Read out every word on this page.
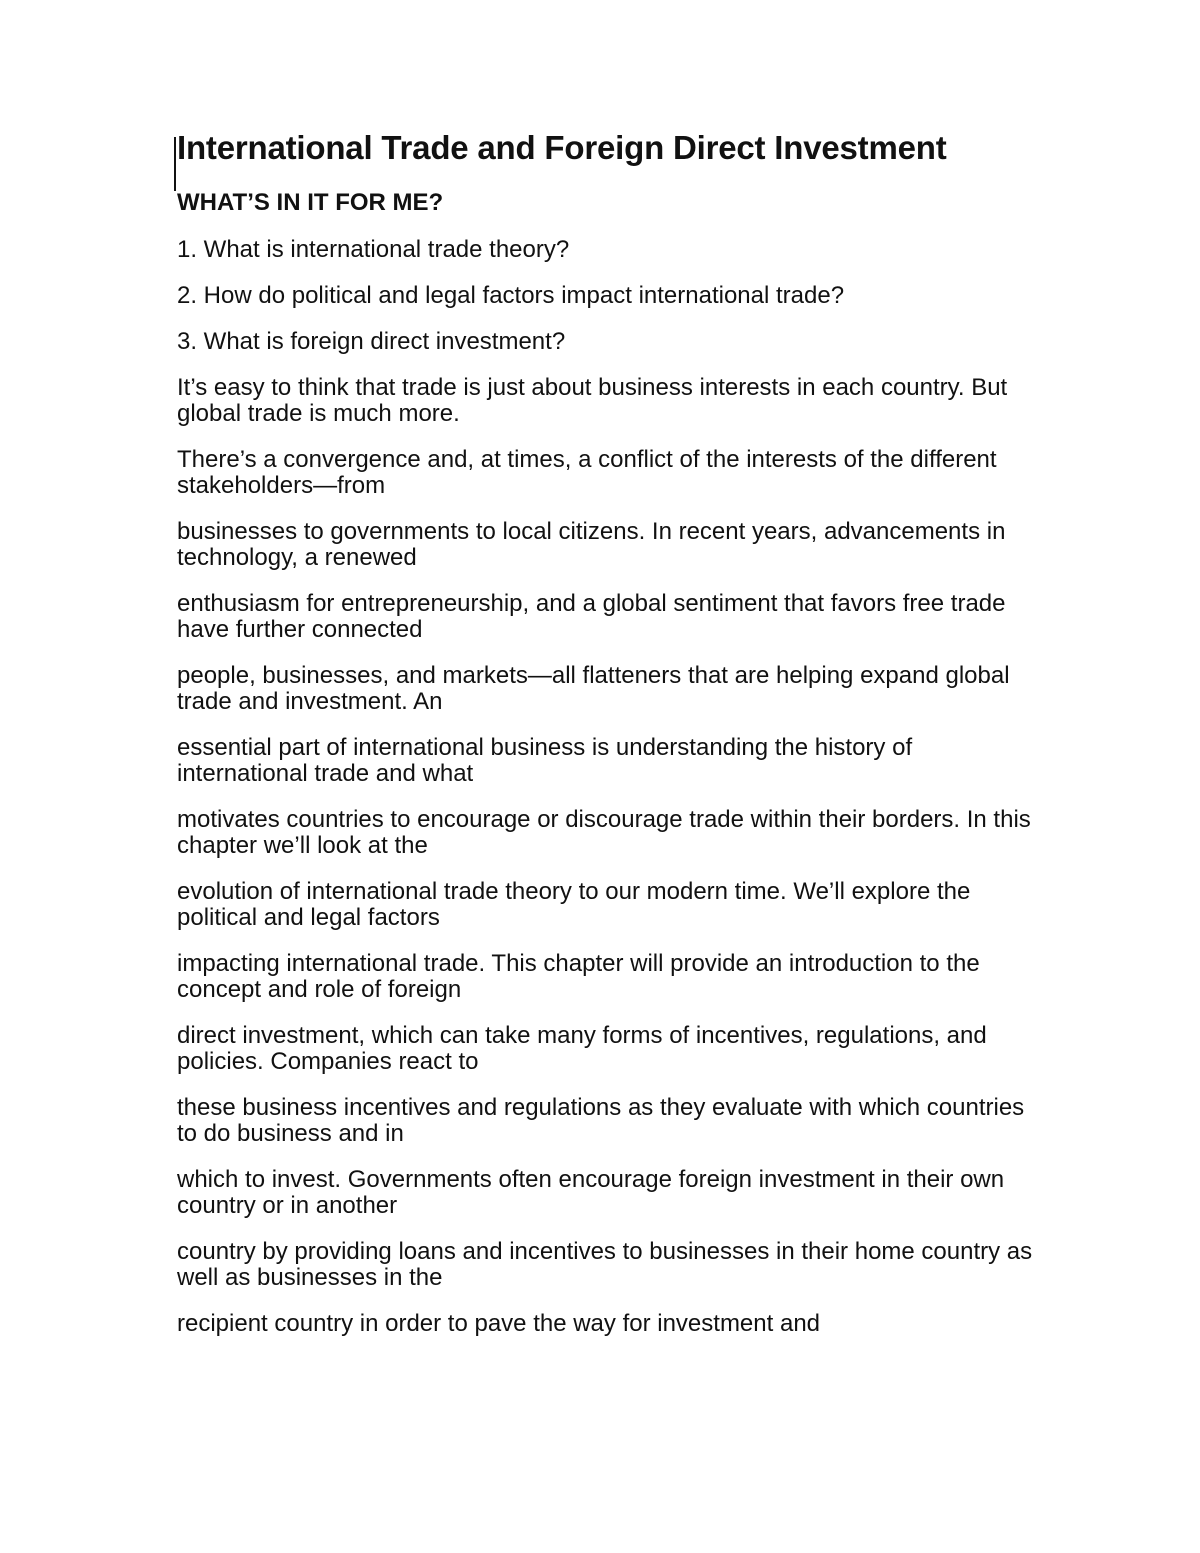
International Trade and Foreign Direct Investment
WHAT’S IN IT FOR ME?

1. What is international trade theory?

2. How do political and legal factors impact international trade?

3. What is foreign direct investment?

It’s easy to think that trade is just about business interests in each country. But global trade is much more.

There’s a convergence and, at times, a conflict of the interests of the different stakeholders—from

businesses to governments to local citizens. In recent years, advancements in technology, a renewed

enthusiasm for entrepreneurship, and a global sentiment that favors free trade have further connected

people, businesses, and markets—all flatteners that are helping expand global trade and investment. An

essential part of international business is understanding the history of international trade and what

motivates countries to encourage or discourage trade within their borders. In this chapter we’ll look at the

evolution of international trade theory to our modern time. We’ll explore the political and legal factors

impacting international trade. This chapter will provide an introduction to the concept and role of foreign

direct investment, which can take many forms of incentives, regulations, and policies. Companies react to

these business incentives and regulations as they evaluate with which countries to do business and in

which to invest. Governments often encourage foreign investment in their own country or in another

country by providing loans and incentives to businesses in their home country as well as businesses in the

recipient country in order to pave the way for investment and
